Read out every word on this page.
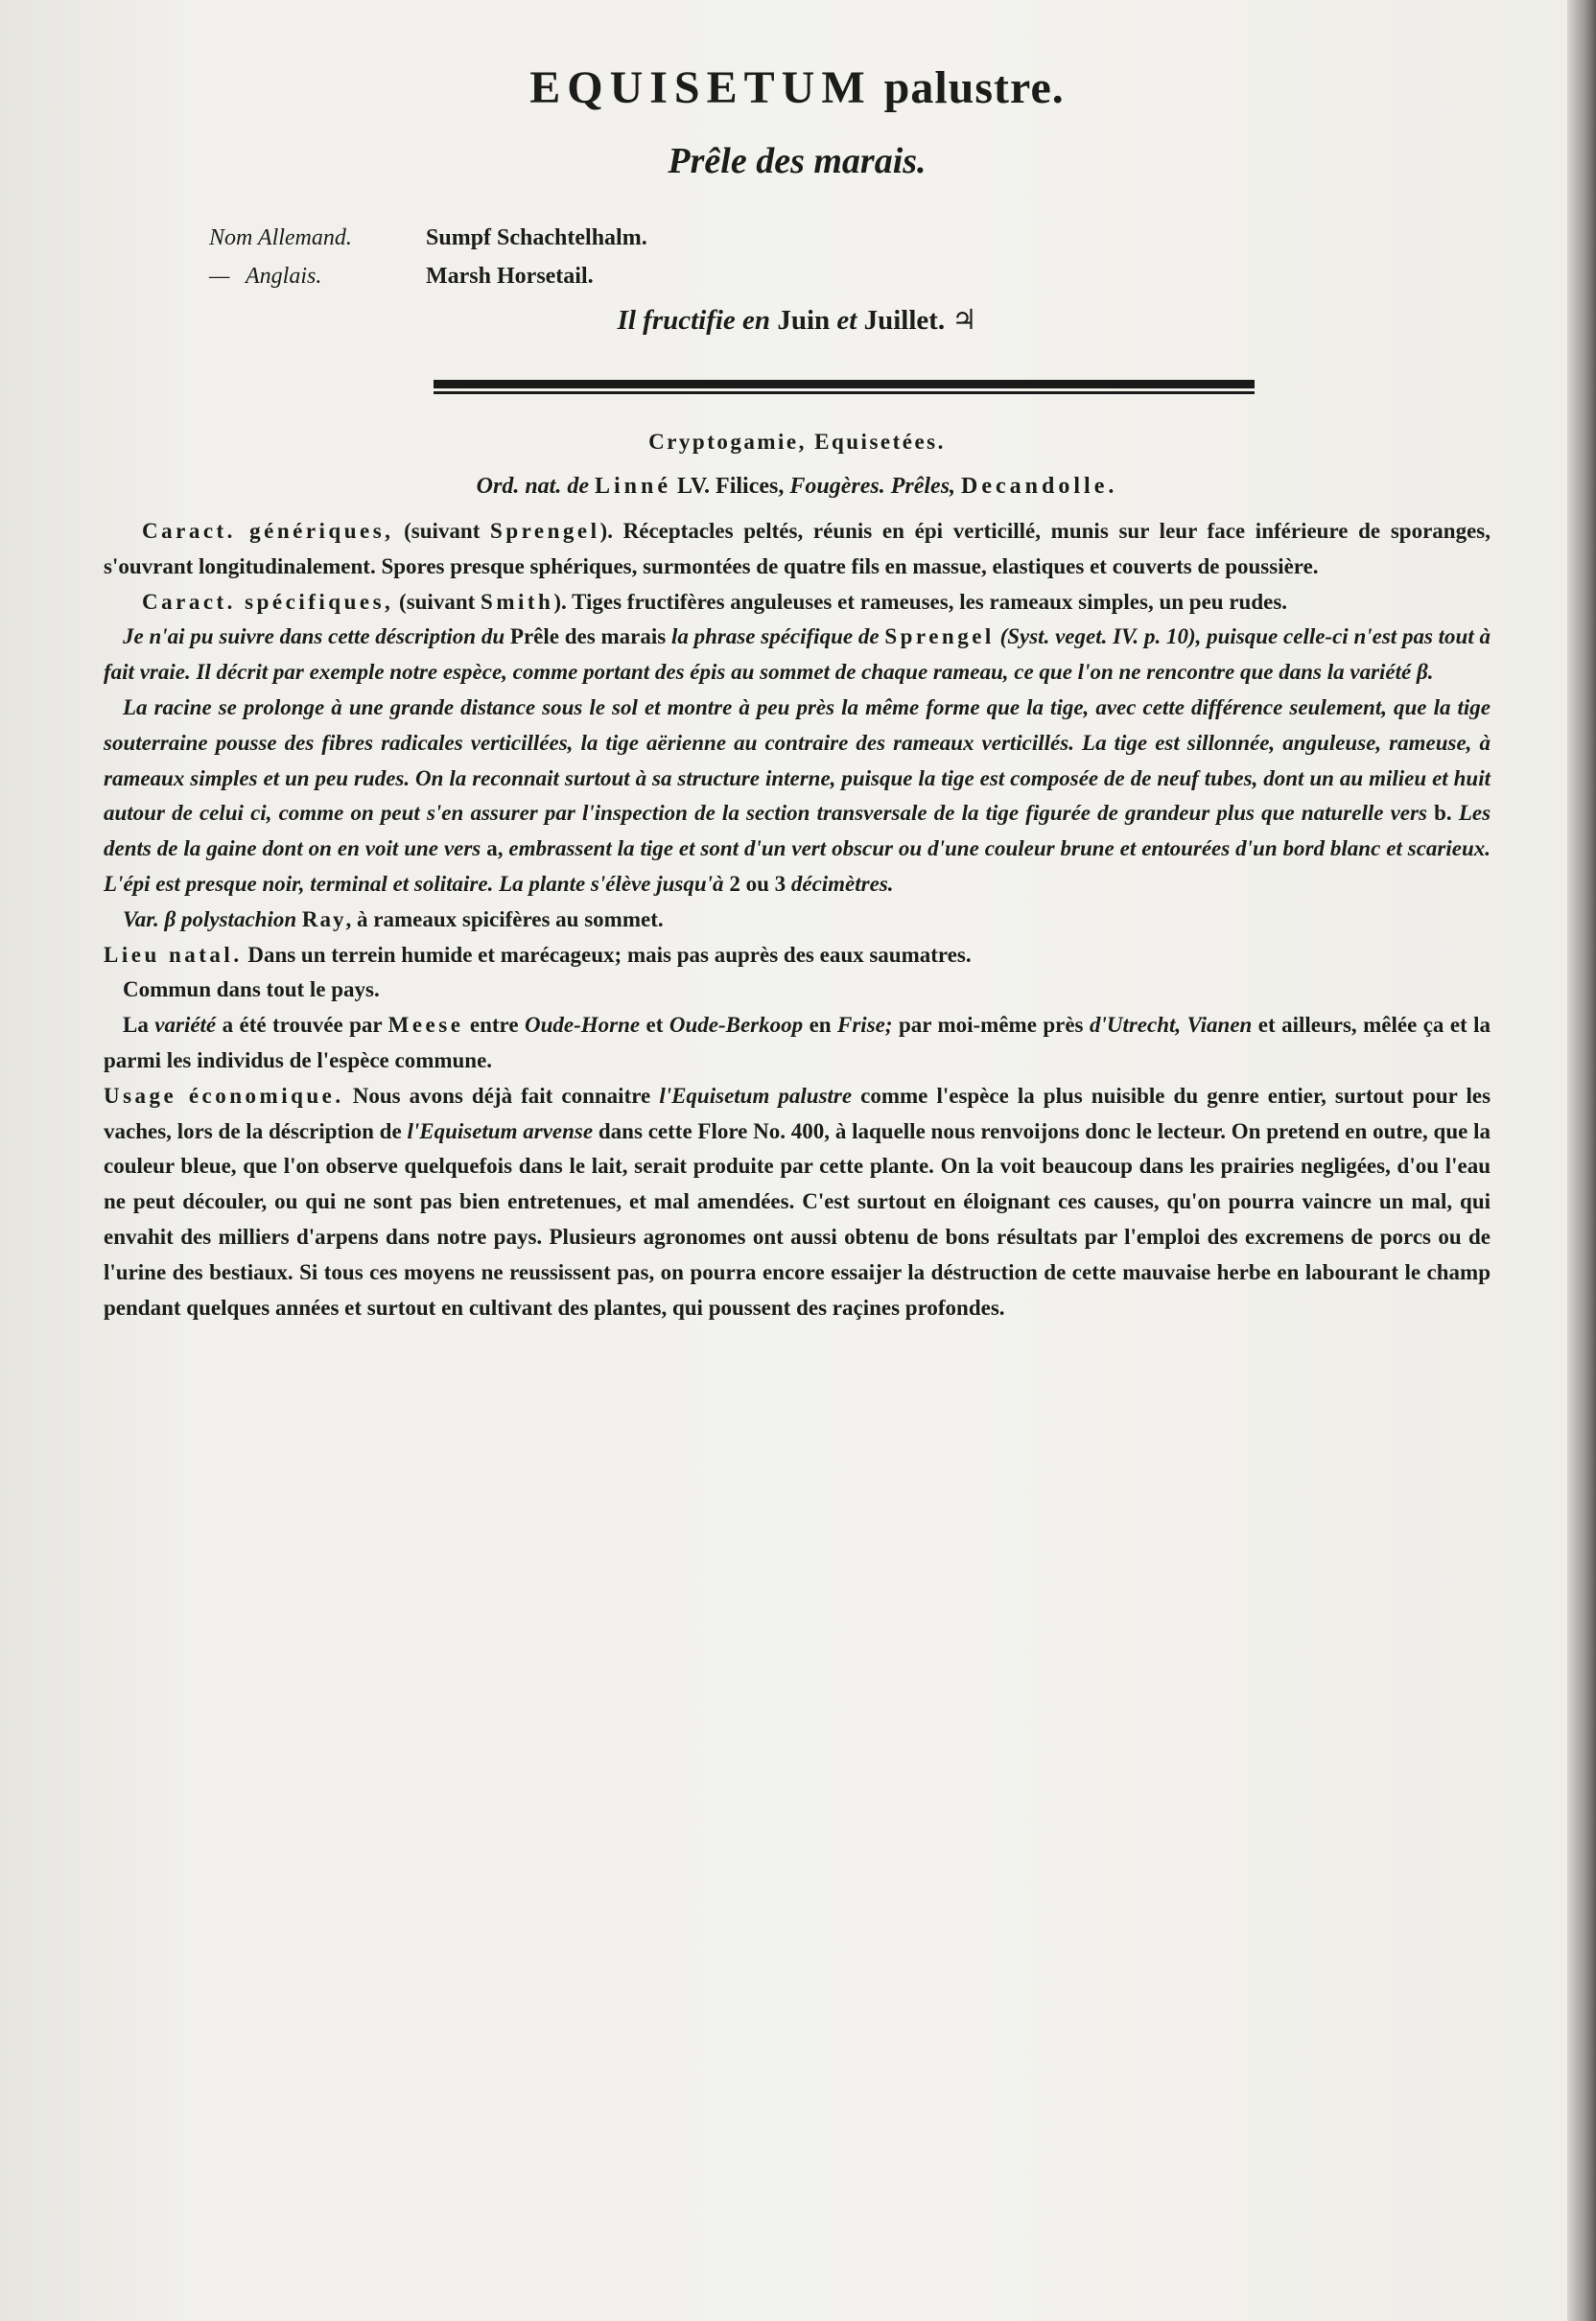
EQUISETUM palustre.
Prêle des marais.
Nom Allemand.	Sumpf Schachtelhalm.
— Anglais.	Marsh Horsetail.
Il fructifie en Juin et Juillet. ♃
Cryptogamie, Equisetées.
Ord. nat. de Linné LV. Filices, Fougères. Prêles, Decandolle.

Caract. génériques, (suivant Sprengel). Réceptacles peltés, réunis en épi verticillé, munis sur leur face inférieure de sporanges, s'ouvrant longitudinalement. Spores presque sphériques, surmontées de quatre fils en massue, elastiques et couverts de poussière.

Caract. spécifiques, (suivant Smith). Tiges fructifères anguleuses et rameuses, les rameaux simples, un peu rudes.

Je n'ai pu suivre dans cette déscription du Prêle des marais la phrase spécifique de Sprengel (Syst. veget. IV. p. 10), puisque celle-ci n'est pas tout à fait vraie. Il décrit par exemple notre espèce, comme portant des épis au sommet de chaque rameau, ce que l'on ne rencontre que dans la variété β.

La racine se prolonge à une grande distance sous le sol et montre à peu près la même forme que la tige, avec cette différence seulement, que la tige souterraine pousse des fibres radicales verticillées, la tige aërienne au contraire des rameaux verticillés. La tige est sillonnée, anguleuse, rameuse, à rameaux simples et un peu rudes. On la reconnait surtout à sa structure interne, puisque la tige est composée de de neuf tubes, dont un au milieu et huit autour de celui ci, comme on peut s'en assurer par l'inspection de la section transversale de la tige figurée de grandeur plus que naturelle vers b. Les dents de la gaine dont on en voit une vers a, embrassent la tige et sont d'un vert obscur ou d'une couleur brune et entourées d'un bord blanc et scarieux. L'épi est presque noir, terminal et solitaire. La plante s'élève jusqu'à 2 ou 3 décimètres.

Var. β polystachion Ray, à rameaux spicifères au sommet.

Lieu natal. Dans un terrein humide et marécageux; mais pas auprès des eaux saumatres.

Commun dans tout le pays.

La variété a été trouvée par Meese entre Oude-Horne et Oude-Berkoop en Frise; par moi-même près d'Utrecht, Vianen et ailleurs, mêlée ça et la parmi les individus de l'espèce commune.

Usage économique. Nous avons déjà fait connaitre l'Equisetum palustre comme l'espèce la plus nuisible du genre entier, surtout pour les vaches, lors de la déscription de l'Equisetum arvense dans cette Flore No. 400, à laquelle nous renvoijons donc le lecteur. On pretend en outre, que la couleur bleue, que l'on observe quelquefois dans le lait, serait produite par cette plante. On la voit beaucoup dans les prairies negligées, d'ou l'eau ne peut découler, ou qui ne sont pas bien entretenues, et mal amendées. C'est surtout en éloignant ces causes, qu'on pourra vaincre un mal, qui envahit des milliers d'arpens dans notre pays. Plusieurs agronomes ont aussi obtenu de bons résultats par l'emploi des excremens de porcs ou de l'urine des bestiaux. Si tous ces moyens ne reussissent pas, on pourra encore essaijer la déstruction de cette mauvaise herbe en labourant le champ pendant quelques années et surtout en cultivant des plantes, qui poussent des raçines profondes.
